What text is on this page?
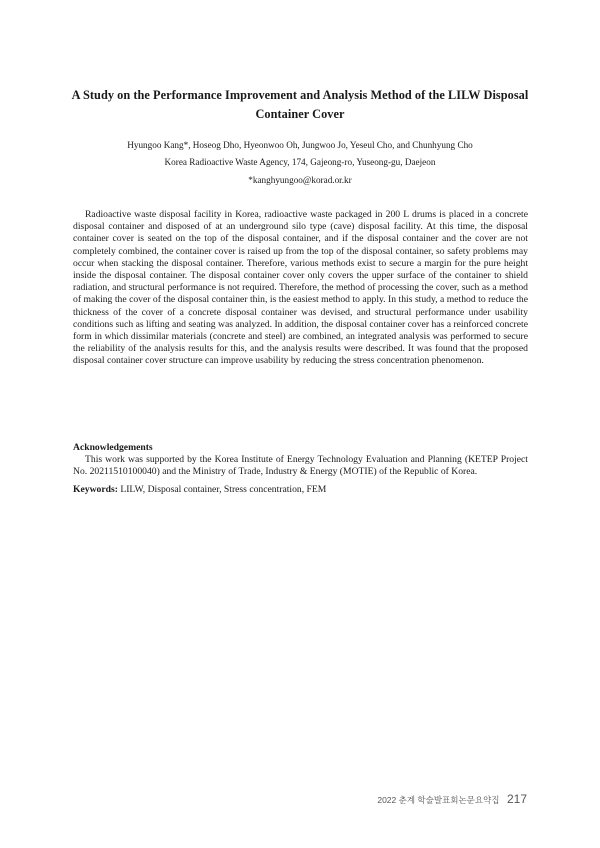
A Study on the Performance Improvement and Analysis Method of the LILW Disposal Container Cover
Hyungoo Kang*, Hoseog Dho, Hyeonwoo Oh, Jungwoo Jo, Yeseul Cho, and Chunhyung Cho
Korea Radioactive Waste Agency, 174, Gajeong-ro, Yuseong-gu, Daejeon
*kanghyungoo@korad.or.kr

Radioactive waste disposal facility in Korea, radioactive waste packaged in 200 L drums is placed in a concrete disposal container and disposed of at an underground silo type (cave) disposal facility. At this time, the disposal container cover is seated on the top of the disposal container, and if the disposal container and the cover are not completely combined, the container cover is raised up from the top of the disposal container, so safety problems may occur when stacking the disposal container. Therefore, various methods exist to secure a margin for the pure height inside the disposal container. The disposal container cover only covers the upper surface of the container to shield radiation, and structural performance is not required. Therefore, the method of processing the cover, such as a method of making the cover of the disposal container thin, is the easiest method to apply. In this study, a method to reduce the thickness of the cover of a concrete disposal container was devised, and structural performance under usability conditions such as lifting and seating was analyzed. In addition, the disposal container cover has a reinforced concrete form in which dissimilar materials (concrete and steel) are combined, an integrated analysis was performed to secure the reliability of the analysis results for this, and the analysis results were described. It was found that the proposed disposal container cover structure can improve usability by reducing the stress concentration phenomenon.

Acknowledgements

This work was supported by the Korea Institute of Energy Technology Evaluation and Planning (KETEP Project No. 20211510100040) and the Ministry of Trade, Industry & Energy (MOTIE) of the Republic of Korea.

Keywords: LILW, Disposal container, Stress concentration, FEM

2022 춘계 학술발표회논문요약집 217
